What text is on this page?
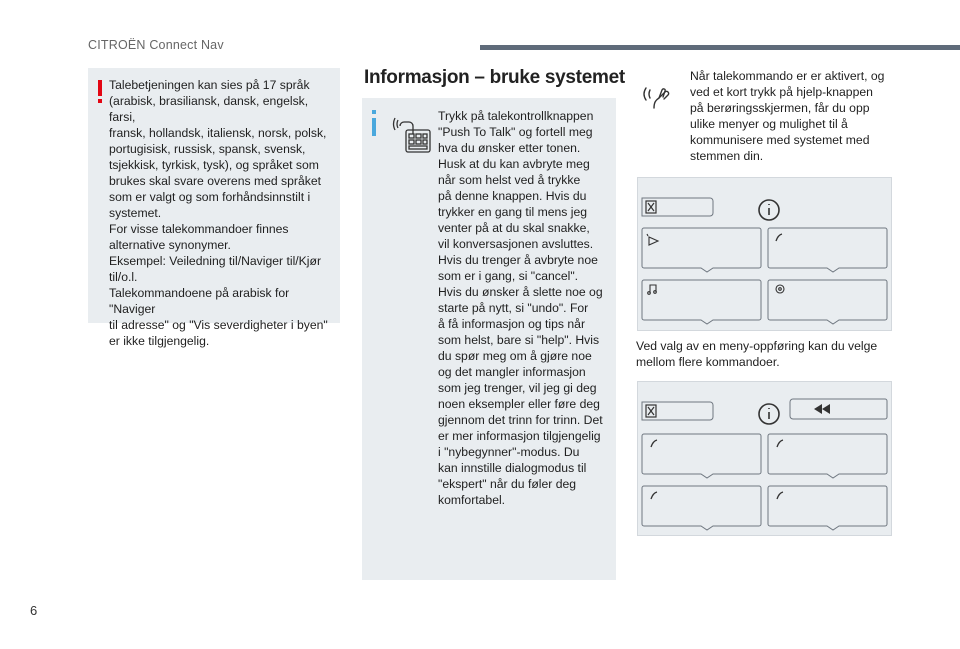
CITROËN Connect Nav
Talebetjeningen kan sies på 17 språk
(arabisk, brasiliansk, dansk, engelsk, farsi,
fransk, hollandsk, italiensk, norsk, polsk,
portugisisk, russisk, spansk, svensk,
tsjekkisk, tyrkisk, tysk), og språket som
brukes skal svare overens med språket
som er valgt og som forhåndsinnstilt i
systemet.
For visse talekommandoer finnes
alternative synonymer.
Eksempel: Veiledning til/Naviger til/Kjør
til/o.l.
Talekommandoene på arabisk for "Naviger
til adresse" og "Vis severdigheter i byen"
er ikke tilgjengelig.
Informasjon – bruke systemet
Trykk på talekontrollknappen
"Push To Talk" og fortell meg
hva du ønsker etter tonen.
Husk at du kan avbryte meg
når som helst ved å trykke
på denne knappen. Hvis du
trykker en gang til mens jeg
venter på at du skal snakke,
vil konversasjonen avsluttes.
Hvis du trenger å avbryte noe
som er i gang, si "cancel".
Hvis du ønsker å slette noe og
starte på nytt, si "undo". For
å få informasjon og tips når
som helst, bare si "help". Hvis
du spør meg om å gjøre noe
og det mangler informasjon
som jeg trenger, vil jeg gi deg
noen eksempler eller føre deg
gjennom det trinn for trinn. Det
er mer informasjon tilgjengelig
i "nybegynner"-modus. Du
kan innstille dialogmodus til
"ekspert" når du føler deg
komfortabel.
Når talekommando er er aktivert, og
ved et kort trykk på hjelp-knappen
på berøringsskjermen, får du opp
ulike menyer og mulighet til å
kommunisere med systemet med
stemmen din.
Ved valg av en meny-oppføring kan du velge
mellom flere kommandoer.
6
